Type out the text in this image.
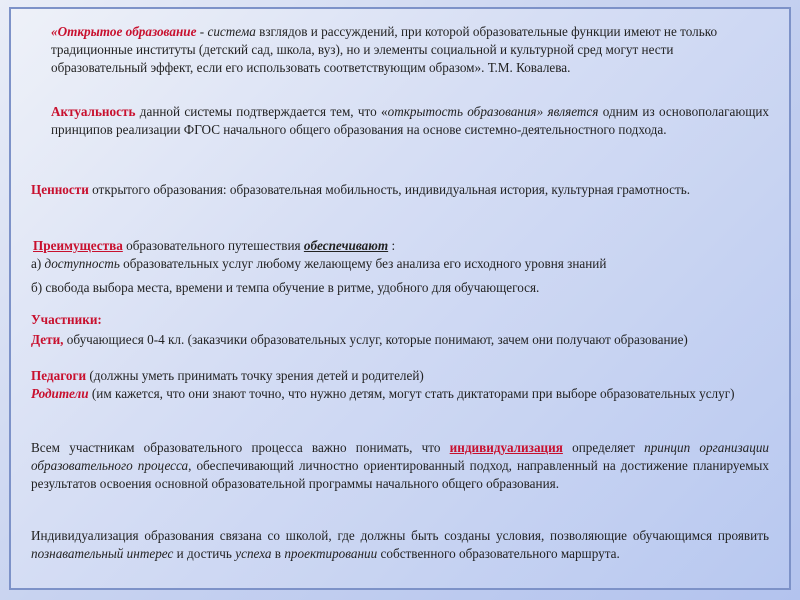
«Открытое образование - система взглядов и рассуждений, при которой образовательные функции имеют не только традиционные институты (детский сад, школа, вуз), но и элементы социальной и культурной сред могут нести образовательный эффект, если его использовать соответствующим образом». Т.М. Ковалева.
Актуальность данной системы подтверждается тем, что «открытость образования» является одним из основополагающих принципов реализации ФГОС начального общего образования на основе системно-деятельностного подхода.
Ценности открытого образования: образовательная мобильность, индивидуальная история, культурная грамотность.
Преимущества образовательного путешествия обеспечивают :
а) доступность образовательных услуг любому желающему без анализа его исходного уровня знаний
б) свобода выбора места, времени и темпа обучение в ритме, удобного для обучающегося.
Участники:
Дети, обучающиеся 0-4 кл. (заказчики образовательных услуг, которые понимают, зачем они получают образование)
Педагоги (должны уметь принимать точку зрения детей и родителей)
Родители (им кажется, что они знают точно, что нужно детям, могут стать диктаторами при выборе образовательных услуг)
Всем участникам образовательного процесса важно понимать, что индивидуализация определяет принцип организации образовательного процесса, обеспечивающий личностно ориентированный подход, направленный на достижение планируемых результатов освоения основной образовательной программы начального общего образования.
Индивидуализация образования связана со школой, где должны быть созданы условия, позволяющие обучающимся проявить познавательный интерес и достичь успеха в проектировании собственного образовательного маршрута.
